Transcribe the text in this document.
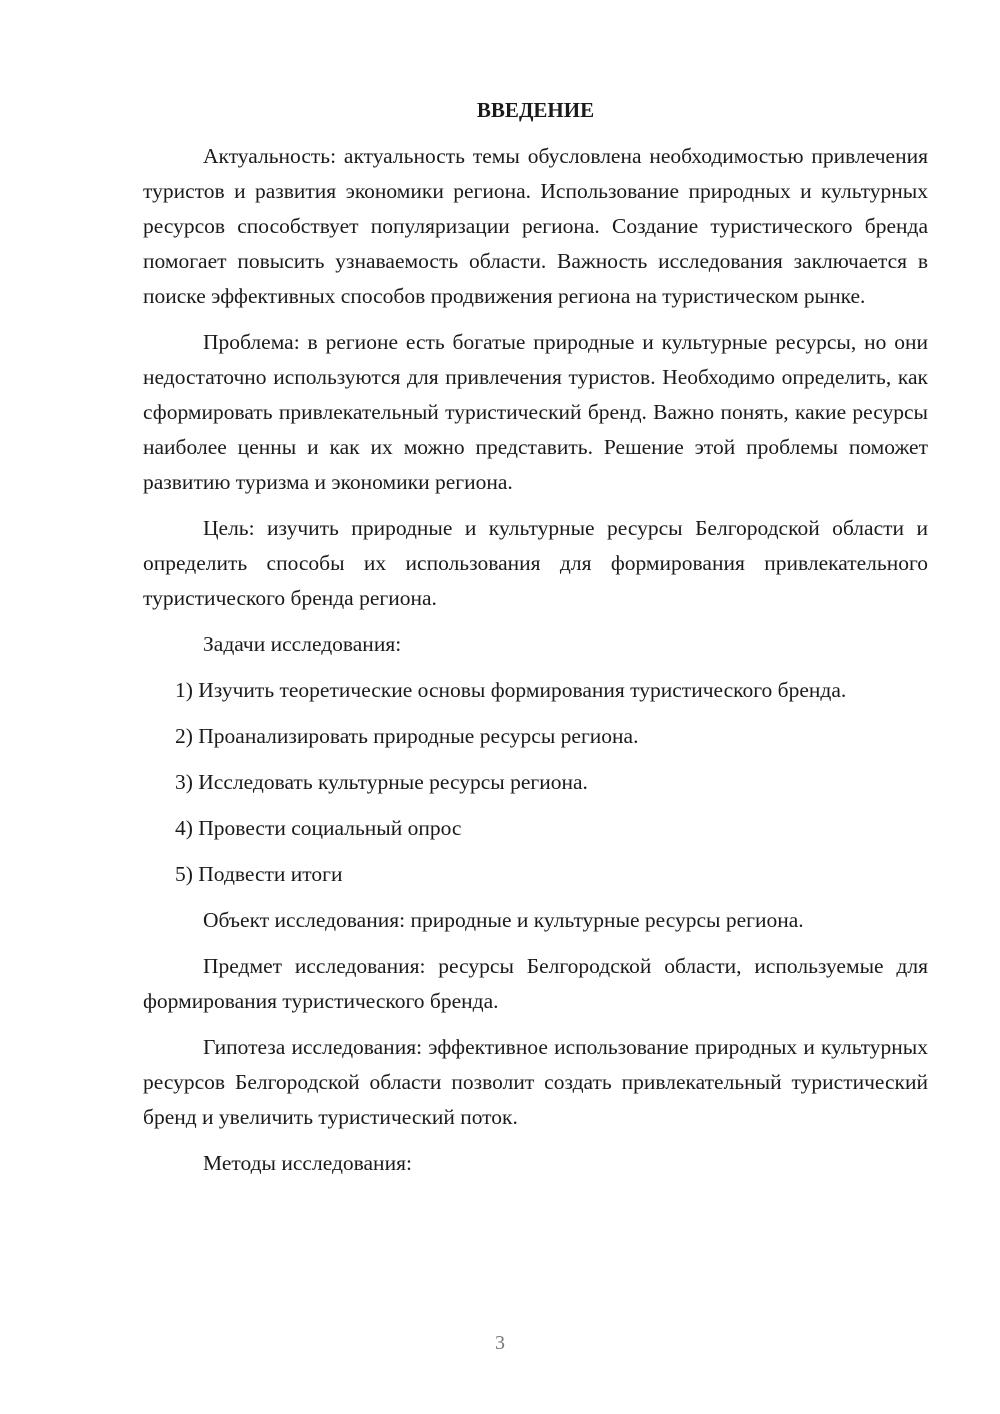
ВВЕДЕНИЕ

Актуальность: актуальность темы обусловлена необходимостью привлечения туристов и развития экономики региона. Использование природных и культурных ресурсов способствует популяризации региона. Создание туристического бренда помогает повысить узнаваемость области. Важность исследования заключается в поиске эффективных способов продвижения региона на туристическом рынке.

Проблема: в регионе есть богатые природные и культурные ресурсы, но они недостаточно используются для привлечения туристов. Необходимо определить, как сформировать привлекательный туристический бренд. Важно понять, какие ресурсы наиболее ценны и как их можно представить. Решение этой проблемы поможет развитию туризма и экономики региона.

Цель: изучить природные и культурные ресурсы Белгородской области и определить способы их использования для формирования привлекательного туристического бренда региона.

Задачи исследования:

1) Изучить теоретические основы формирования туристического бренда.

2) Проанализировать природные ресурсы региона.

3) Исследовать культурные ресурсы региона.

4) Провести социальный опрос

5) Подвести итоги

Объект исследования: природные и культурные ресурсы региона.

Предмет исследования: ресурсы Белгородской области, используемые для формирования туристического бренда.

Гипотеза исследования: эффективное использование природных и культурных ресурсов Белгородской области позволит создать привлекательный туристический бренд и увеличить туристический поток.

Методы исследования:

3
